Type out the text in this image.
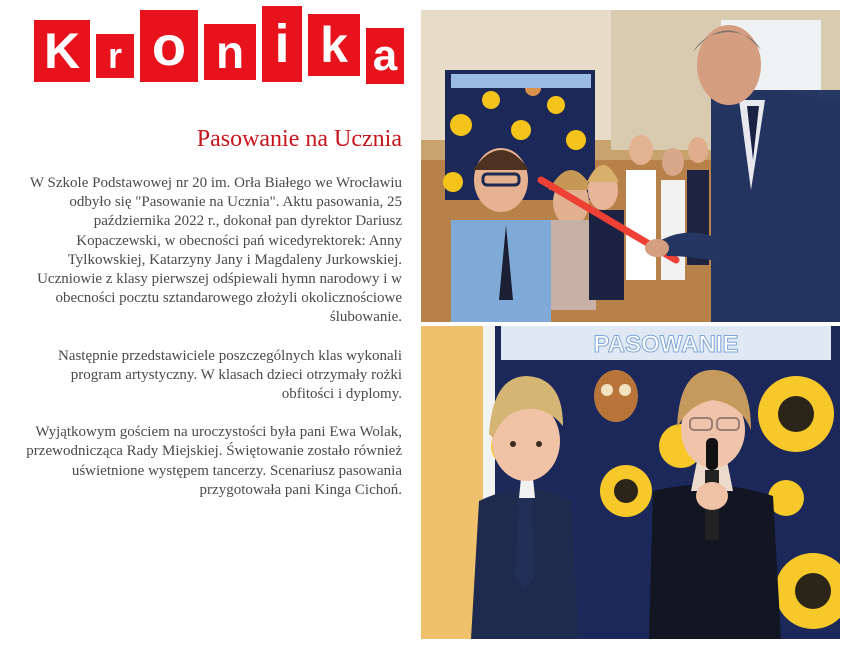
K r o n i k a
Pasowanie na Ucznia

W Szkole Podstawowej nr 20 im. Orła Białego we Wrocławiu odbyło się "Pasowanie na Ucznia". Aktu pasowania, 25 października 2022 r., dokonał pan dyrektor Dariusz Kopaczewski, w obecności pań wicedyrektorek: Anny Tylkowskiej, Katarzyny Jany i Magdaleny Jurkowskiej. Uczniowie z klasy pierwszej odśpiewali hymn narodowy i w obecności pocztu sztandarowego złożyli okolicznościowe ślubowanie.

Następnie przedstawiciele poszczególnych klas wykonali program artystyczny. W klasach dzieci otrzymały rożki obfitości i dyplomy.

Wyjątkowym gościem na uroczystości była pani Ewa Wolak, przewodnicząca Rady Miejskiej. Świętowanie zostało również uświetnione występem tancerzy. Scenariusz pasowania przygotowała pani Kinga Cichoń.

PASOWANIE
